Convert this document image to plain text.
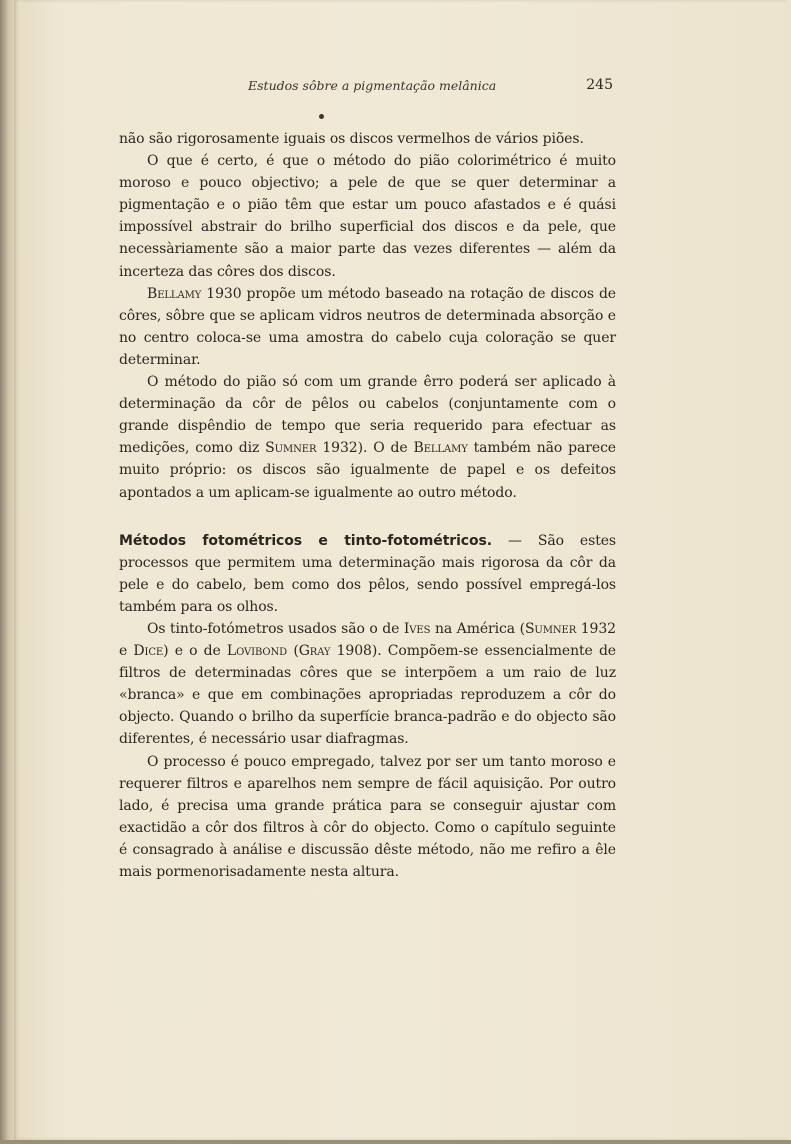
Estudos sôbre a pigmentação melânica	245

não são rigorosamente iguais os discos vermelhos de vários piões.

O que é certo, é que o método do pião colorimétrico é muito moroso e pouco objectivo; a pele de que se quer determinar a pigmentação e o pião têm que estar um pouco afastados e é quási impossível abstrair do brilho superficial dos discos e da pele, que necessàriamente são a maior parte das vezes diferentes — além da incerteza das côres dos discos.

Bellamy 1930 propõe um método baseado na rotação de discos de côres, sôbre que se aplicam vidros neutros de determinada absorção e no centro coloca-se uma amostra do cabelo cuja coloração se quer determinar.

O método do pião só com um grande êrro poderá ser aplicado à determinação da côr de pêlos ou cabelos (conjuntamente com o grande dispêndio de tempo que seria requerido para efectuar as medições, como diz Sumner 1932). O de Bellamy também não parece muito próprio: os discos são igualmente de papel e os defeitos apontados a um aplicam-se igualmente ao outro método.

Métodos fotométricos e tinto-fotométricos. — São estes processos que permitem uma determinação mais rigorosa da côr da pele e do cabelo, bem como dos pêlos, sendo possível empregá-los também para os olhos.

Os tinto-fotómetros usados são o de Ives na América (Sumner 1932 e Dice) e o de Lovibond (Gray 1908). Compõem-se essencialmente de filtros de determinadas côres que se interpõem a um raio de luz «branca» e que em combinações apropriadas reproduzem a côr do objecto. Quando o brilho da superfície branca-padrão e do objecto são diferentes, é necessário usar diafragmas.

O processo é pouco empregado, talvez por ser um tanto moroso e requerer filtros e aparelhos nem sempre de fácil aquisição. Por outro lado, é precisa uma grande prática para se conseguir ajustar com exactidão a côr dos filtros à côr do objecto. Como o capítulo seguinte é consagrado à análise e discussão dêste método, não me refiro a êle mais pormenorisadamente nesta altura.
